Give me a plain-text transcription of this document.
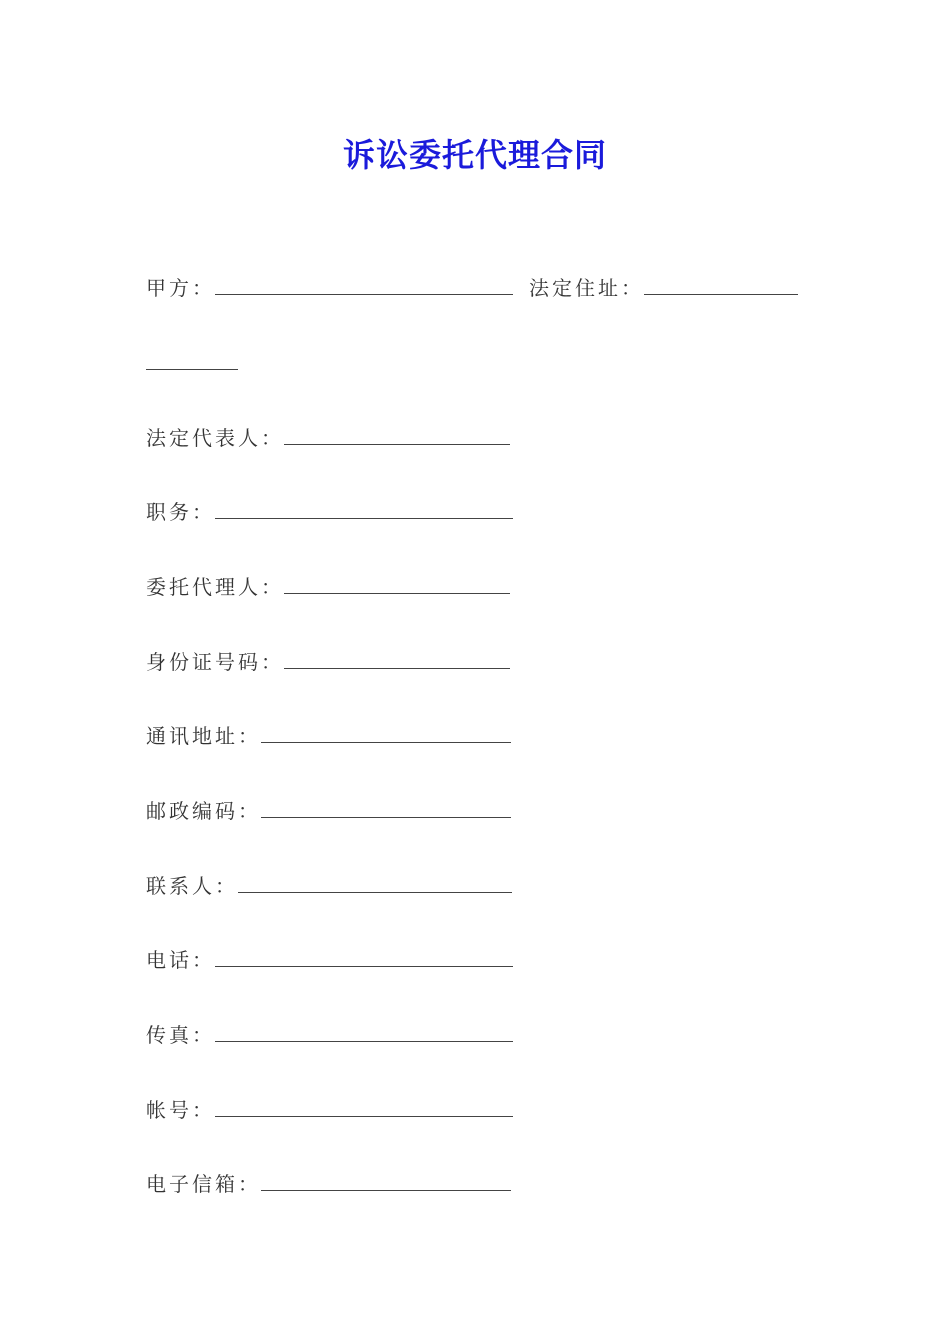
诉讼委托代理合同
甲方：	法定住址：
法定代表人：
职务：
委托代理人：
身份证号码：
通讯地址：
邮政编码：
联系人：
电话：
传真：
帐号：
电子信箱：
